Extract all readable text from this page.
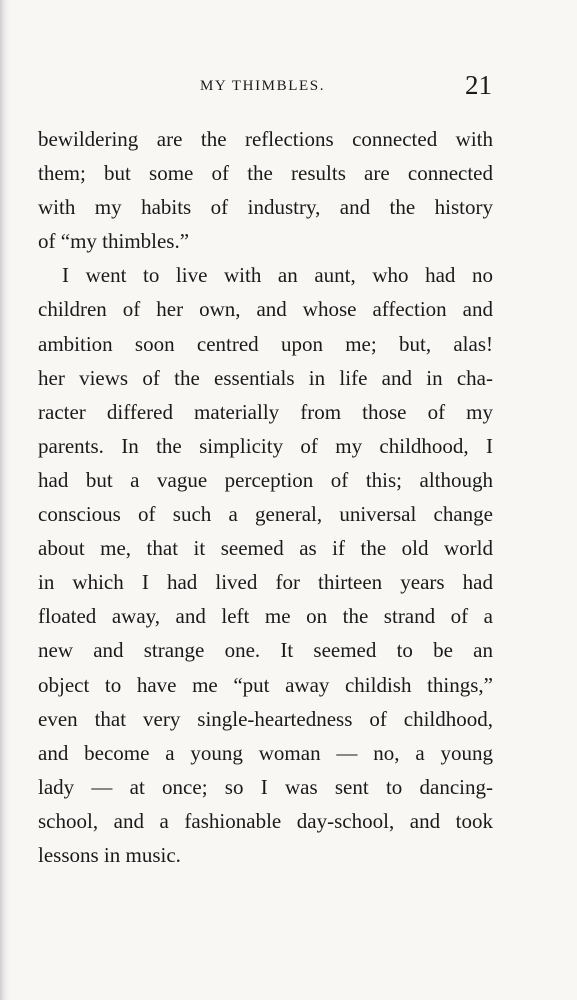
MY THIMBLES.	21
bewildering are the reflections connected with
them; but some of the results are connected
with my habits of industry, and the history
of “my thimbles.”
I went to live with an aunt, who had no
children of her own, and whose affection and
ambition soon centred upon me; but, alas!
her views of the essentials in life and in cha-
racter differed materially from those of my
parents. In the simplicity of my childhood, I
had but a vague perception of this; although
conscious of such a general, universal change
about me, that it seemed as if the old world
in which I had lived for thirteen years had
floated away, and left me on the strand of a
new and strange one. It seemed to be an
object to have me “put away childish things,”
even that very single-heartedness of childhood,
and become a young woman — no, a young
lady — at once; so I was sent to dancing-
school, and a fashionable day-school, and took
lessons in music.
